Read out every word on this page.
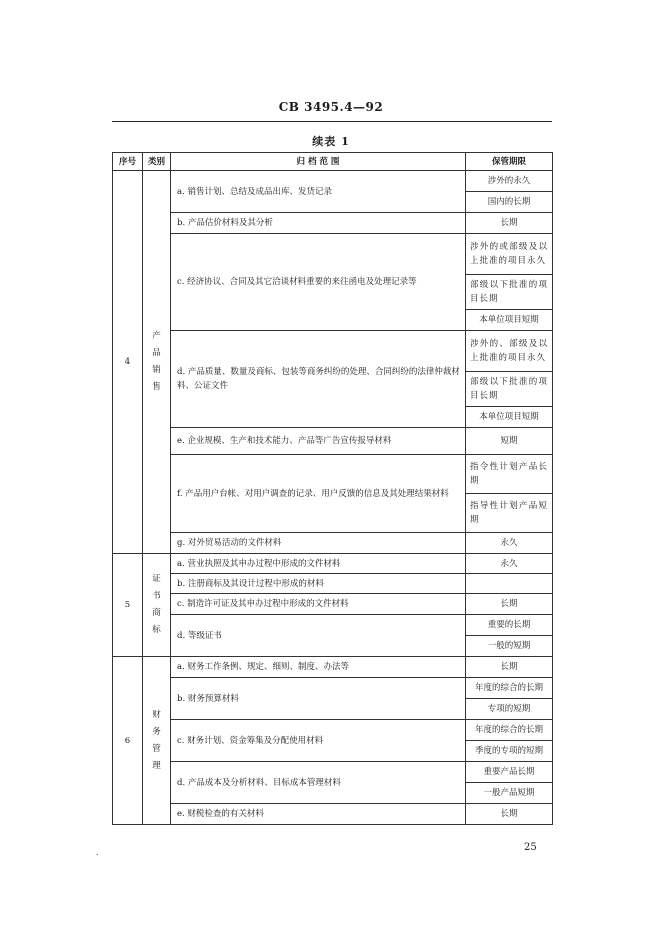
CB 3495.4—92
续表 1
序号	类别	归 档 范 围	保管期限
4	产品销售	a. 销售计划、总结及成品出库、发货记录	涉外的永久
			国内的长期
		b. 产品估价材料及其分析	长期
		c. 经济协议、合同及其它洽谈材料重要的来往函电及处理记录等	涉外的或部级及以上批准的项目永久
			部级以下批准的项目长期
			本单位项目短期
		d. 产品质量、数量及商标、包装等商务纠纷的处理、合同纠纷的法律仲裁材料、公证文件	涉外的、部级及以上批准的项目永久
			部级以下批准的项目长期
			本单位项目短期
		e. 企业规模、生产和技术能力、产品等广告宣传报导材料	短期
		f. 产品用户台帐、对用户调查的记录、用户反馈的信息及其处理结果材料	指令性计划产品长期
			指导性计划产品短期
		g. 对外贸易活动的文件材料	永久
5	证书商标	a. 营业执照及其申办过程中形成的文件材料	永久
		b. 注册商标及其设计过程中形成的材料	
		c. 制造许可证及其申办过程中形成的文件材料	长期
		d. 等级证书	重要的长期
			一般的短期
6	财务管理	a. 财务工作条例、规定、细则、制度、办法等	长期
		b. 财务预算材料	年度的综合的长期
			专项的短期
		c. 财务计划、资金筹集及分配使用材料	年度的综合的长期
			季度的专项的短期
		d. 产品成本及分析材料、目标成本管理材料	重要产品长期
			一般产品短期
		e. 财税检查的有关材料	长期
.	25
